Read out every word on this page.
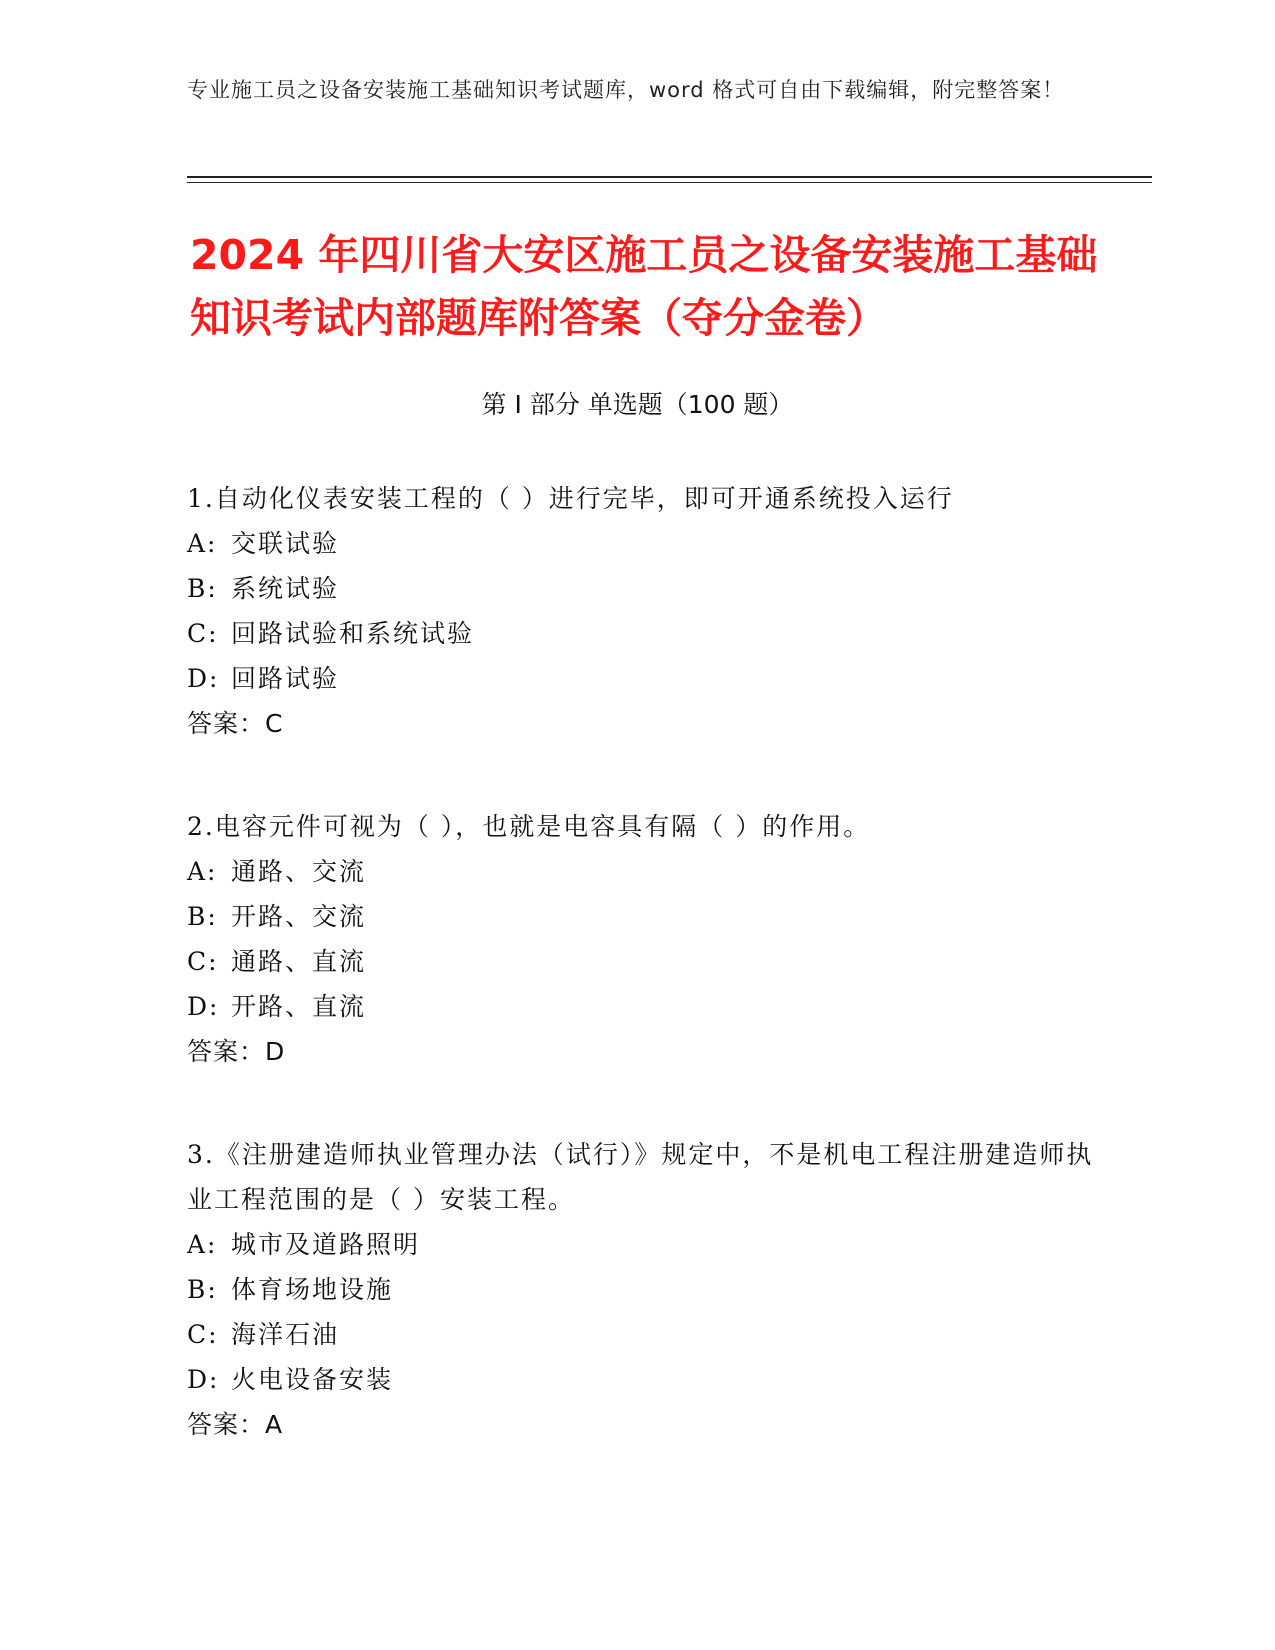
专业施工员之设备安装施工基础知识考试题库，word 格式可自由下载编辑，附完整答案！
2024 年四川省大安区施工员之设备安装施工基础知识考试内部题库附答案（夺分金卷）
第 I 部分 单选题（100 题）
1.自动化仪表安装工程的（ ）进行完毕，即可开通系统投入运行
A: 交联试验
B: 系统试验
C: 回路试验和系统试验
D: 回路试验
答案：C
2.电容元件可视为（ ），也就是电容具有隔（ ）的作用。
A: 通路、交流
B: 开路、交流
C: 通路、直流
D: 开路、直流
答案：D
3.《注册建造师执业管理办法（试行）》规定中，不是机电工程注册建造师执业工程范围的是（ ）安装工程。
A: 城市及道路照明
B: 体育场地设施
C: 海洋石油
D: 火电设备安装
答案：A
